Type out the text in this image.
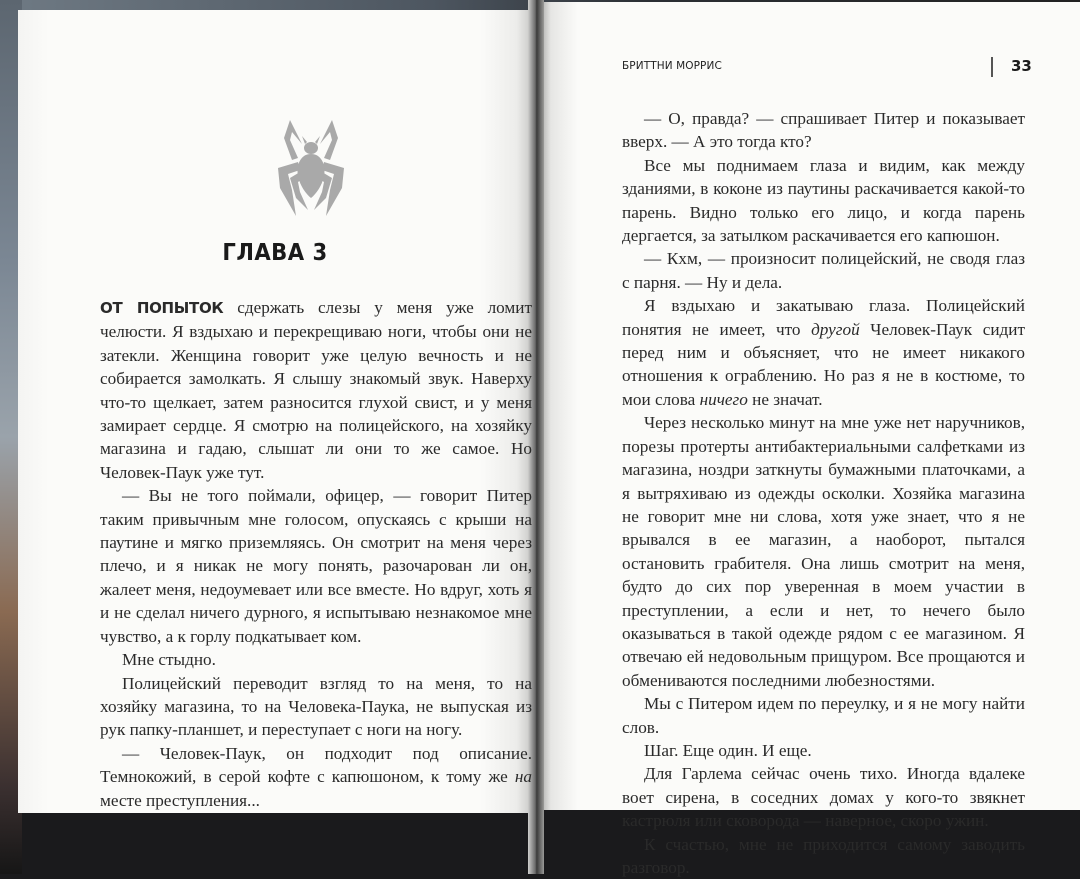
ГЛАВА 3

ОТ ПОПЫТОК сдержать слезы у меня уже ломит челюсти. Я вздыхаю и перекрещиваю ноги, чтобы они не затекли. Женщина говорит уже целую вечность и не собирается замолкать. Я слышу знакомый звук. Наверху что-то щелкает, затем разносится глухой свист, и у меня замирает сердце. Я смотрю на полицейского, на хозяйку магазина и гадаю, слышат ли они то же самое. Но Человек-Паук уже тут.

— Вы не того поймали, офицер, — говорит Питер таким привычным мне голосом, опускаясь с крыши на паутине и мягко приземляясь. Он смотрит на меня через плечо, и я никак не могу понять, разочарован ли он, жалеет меня, недоумевает или все вместе. Но вдруг, хоть я и не сделал ничего дурного, я испытываю незнакомое мне чувство, а к горлу подкатывает ком.

Мне стыдно.

Полицейский переводит взгляд то на меня, то на хозяйку магазина, то на Человека-Паука, не выпуская из рук папку-планшет, и переступает с ноги на ногу.

— Человек-Паук, он подходит под описание. Темнокожий, в серой кофте с капюшоном, к тому же на месте преступления...

БРИТТНИ МОРРИС	33

— О, правда? — спрашивает Питер и показывает вверх. — А это тогда кто?

Все мы поднимаем глаза и видим, как между зданиями, в коконе из паутины раскачивается какой-то парень. Видно только его лицо, и когда парень дергается, за затылком раскачивается его капюшон.

— Кхм, — произносит полицейский, не сводя глаз с парня. — Ну и дела.

Я вздыхаю и закатываю глаза. Полицейский понятия не имеет, что другой Человек-Паук сидит перед ним и объясняет, что не имеет никакого отношения к ограблению. Но раз я не в костюме, то мои слова ничего не значат.

Через несколько минут на мне уже нет наручников, порезы протерты антибактериальными салфетками из магазина, ноздри заткнуты бумажными платочками, а я вытряхиваю из одежды осколки. Хозяйка магазина не говорит мне ни слова, хотя уже знает, что я не врывался в ее магазин, а наоборот, пытался остановить грабителя. Она лишь смотрит на меня, будто до сих пор уверенная в моем участии в преступлении, а если и нет, то нечего было оказываться в такой одежде рядом с ее магазином. Я отвечаю ей недовольным прищуром. Все прощаются и обмениваются последними любезностями.

Мы с Питером идем по переулку, и я не могу найти слов.

Шаг. Еще один. И еще.

Для Гарлема сейчас очень тихо. Иногда вдалеке воет сирена, в соседних домах у кого-то звякнет кастрюля или сковорода — наверное, скоро ужин.

К счастью, мне не приходится самому заводить разговор.
